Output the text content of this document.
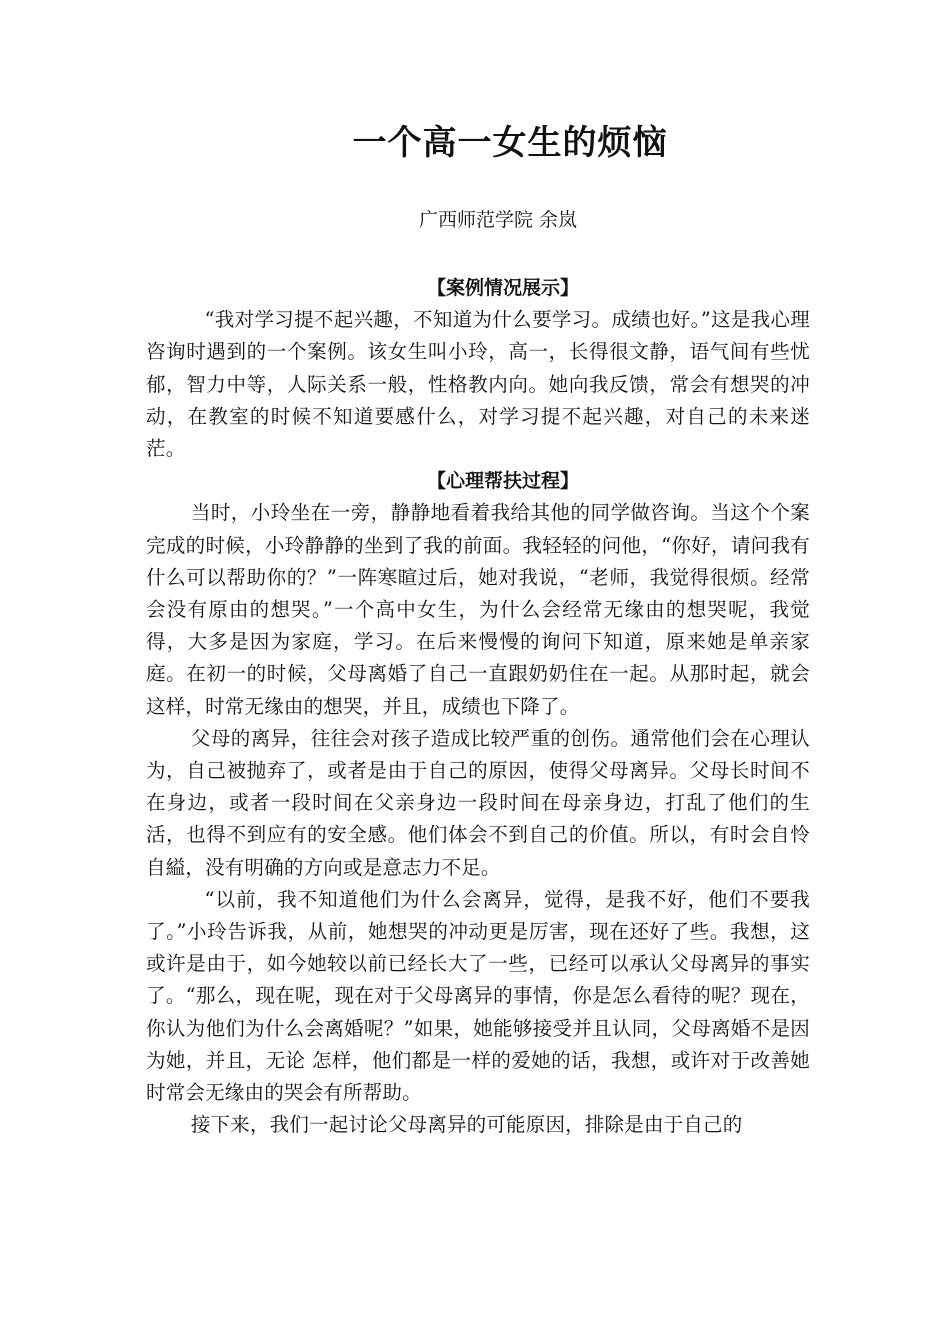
一个高一女生的烦恼
广西师范学院 余岚
【案例情况展示】

“我对学习提不起兴趣，不知道为什么要学习。成绩也好。”这是我心理咨询时遇到的一个案例。该女生叫小玲，高一，长得很文静，语气间有些忧郁，智力中等，人际关系一般，性格教内向。她向我反馈，常会有想哭的冲动，在教室的时候不知道要感什么，对学习提不起兴趣，对自己的未来迷茫。

【心理帮扶过程】

当时，小玲坐在一旁，静静地看着我给其他的同学做咨询。当这个个案完成的时候，小玲静静的坐到了我的前面。我轻轻的问他，“你好，请问我有什么可以帮助你的？”一阵寒暄过后，她对我说，“老师，我觉得很烦。经常会没有原由的想哭。”一个高中女生，为什么会经常无缘由的想哭呢，我觉得，大多是因为家庭，学习。在后来慢慢的询问下知道，原来她是单亲家庭。在初一的时候，父母离婚了自己一直跟奶奶住在一起。从那时起，就会这样，时常无缘由的想哭，并且，成绩也下降了。

父母的离异，往往会对孩子造成比较严重的创伤。通常他们会在心理认为，自己被抛弃了，或者是由于自己的原因，使得父母离异。父母长时间不在身边，或者一段时间在父亲身边一段时间在母亲身边，打乱了他们的生活，也得不到应有的安全感。他们体会不到自己的价值。所以，有时会自怜自縊，没有明确的方向或是意志力不足。

“以前，我不知道他们为什么会离异，觉得，是我不好，他们不要我了。”小玲告诉我，从前，她想哭的冲动更是厉害，现在还好了些。我想，这或许是由于，如今她较以前已经长大了一些，已经可以承认父母离异的事实了。“那么，现在呢，现在对于父母离异的事情，你是怎么看待的呢？现在，你认为他们为什么会离婚呢？”如果，她能够接受并且认同，父母离婚不是因为她，并且，无论 怎样，他们都是一样的爱她的话，我想，或许对于改善她时常会无缘由的哭会有所帮助。

接下来，我们一起讨论父母离异的可能原因，排除是由于自己的
